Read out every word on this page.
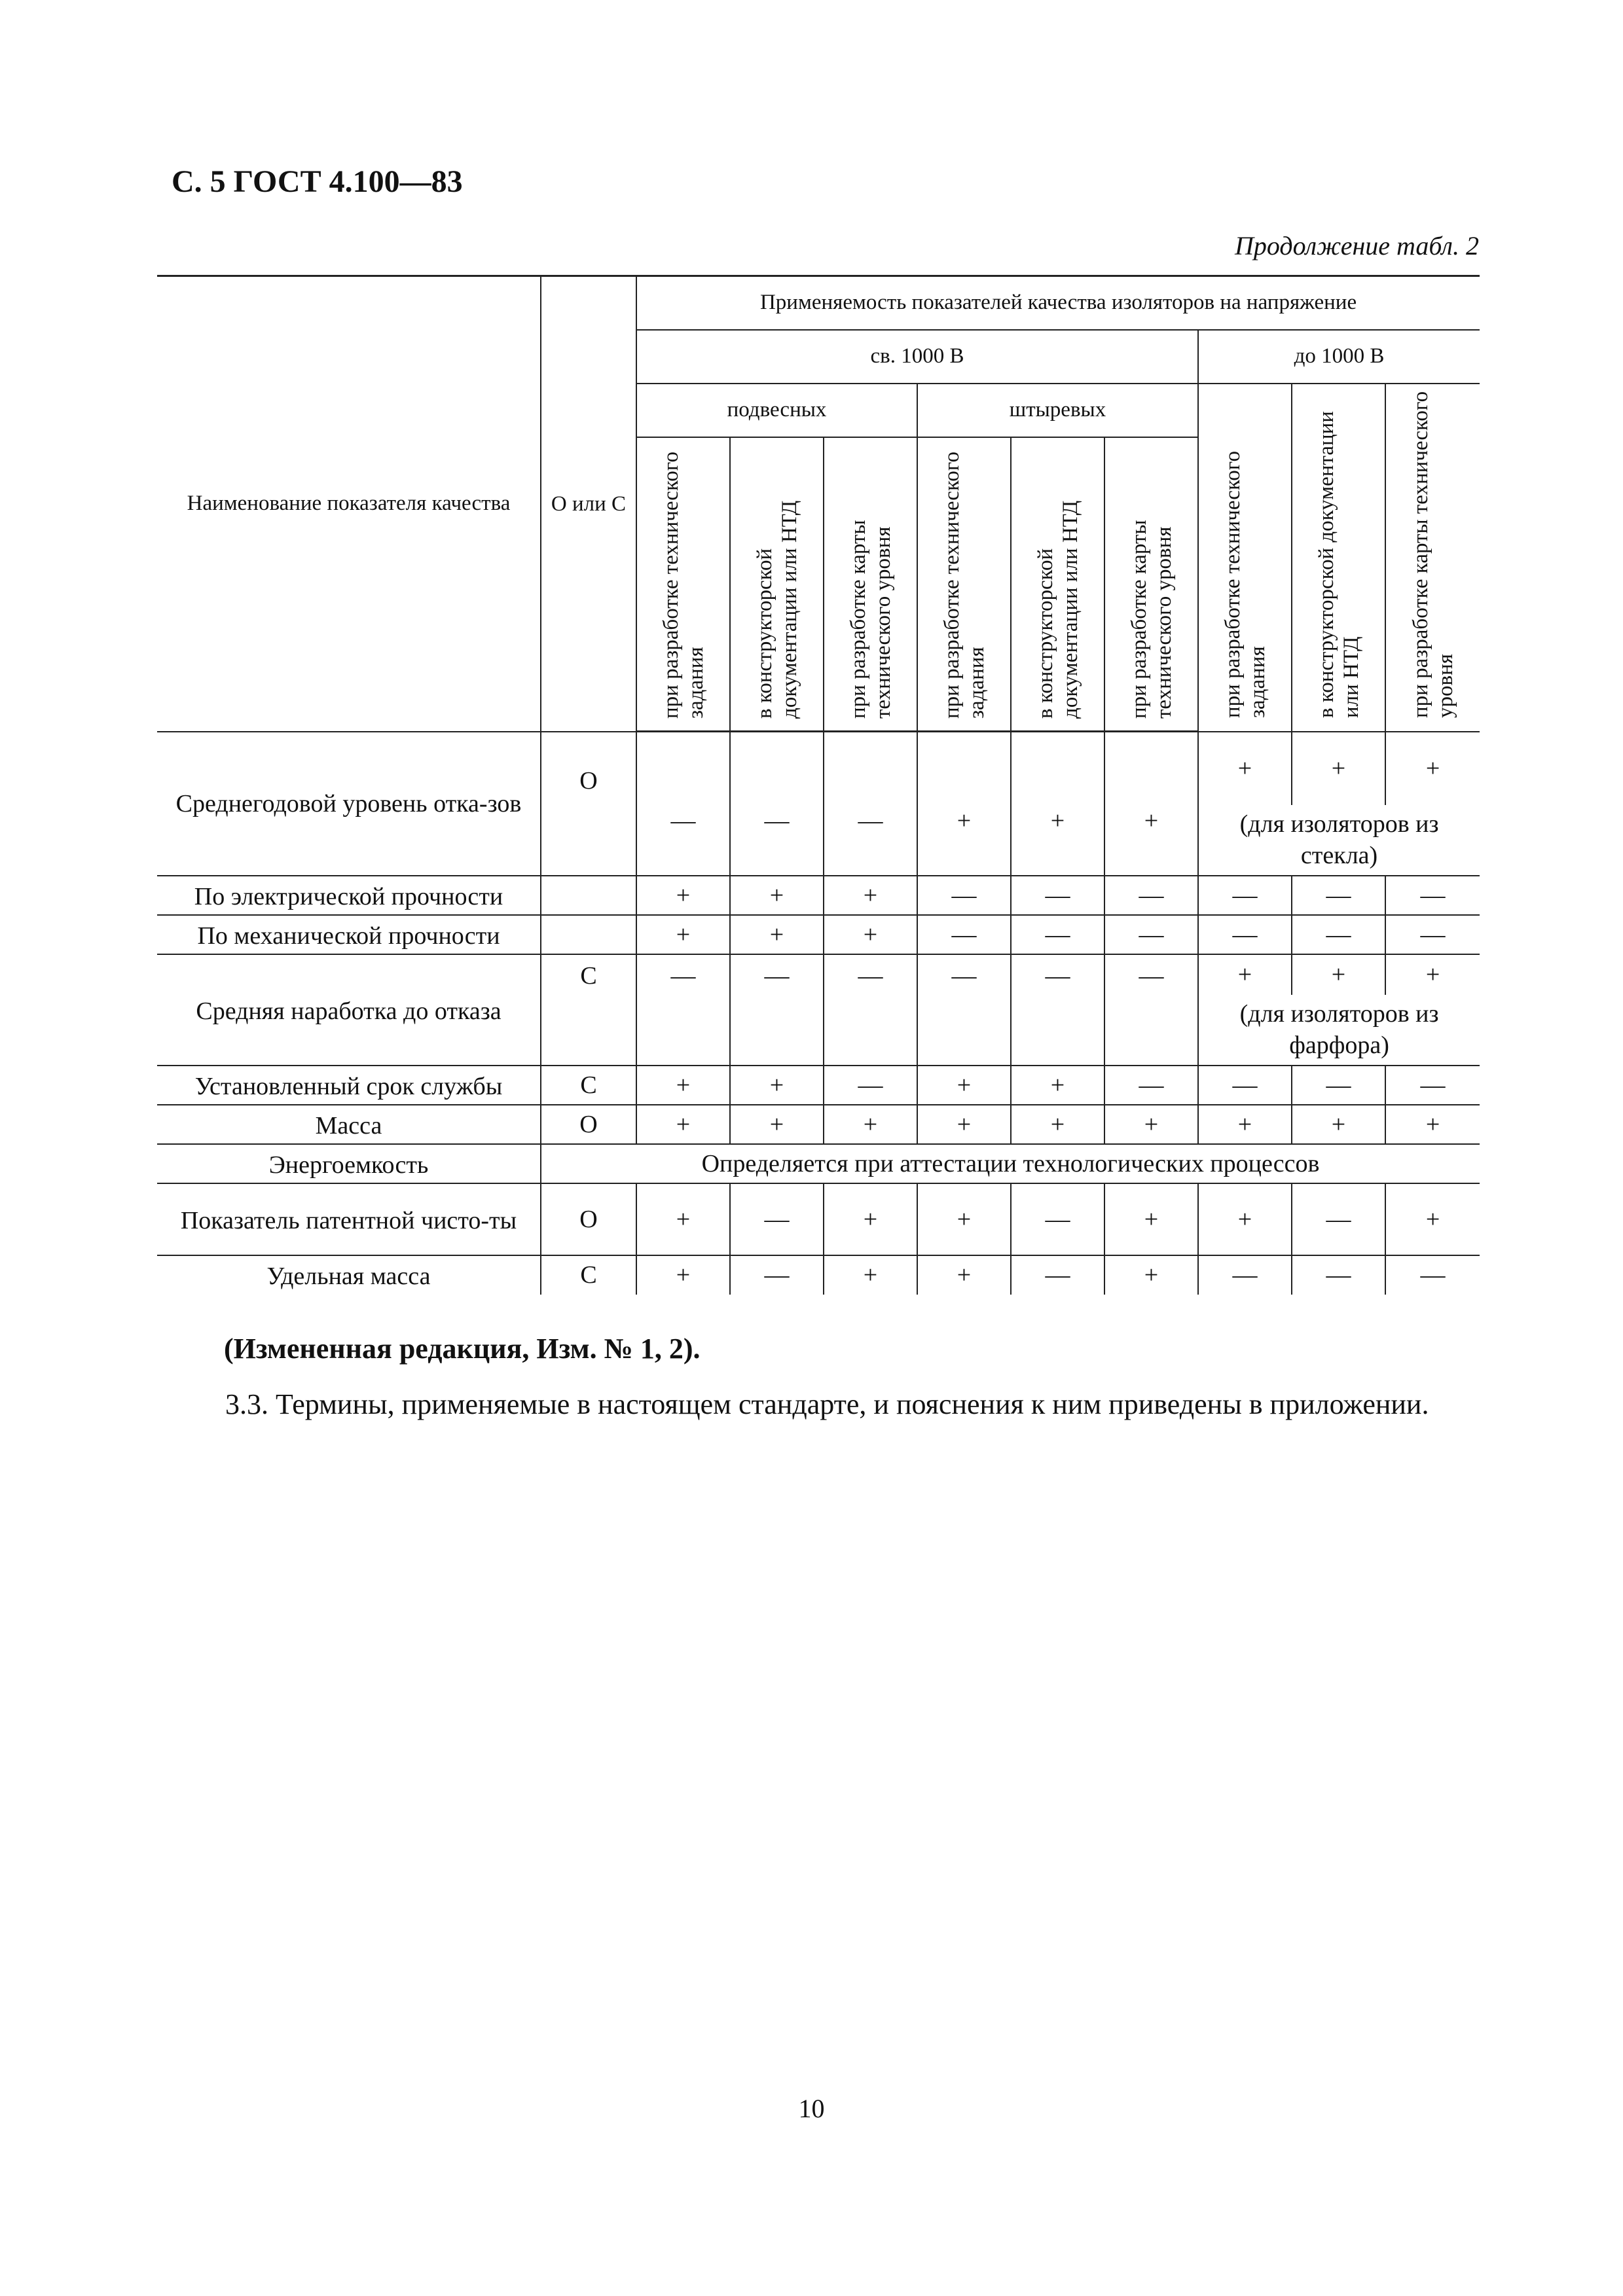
С. 5 ГОСТ 4.100—83
Продолжение табл. 2
Наименование показателя качества	О или С	Применяемость показателей качества изоляторов на напряжение								
		св. 1000 В						до 1000 В		
		подвесных			штыревых			при разработке технического задания	в конструкторской документации или НТД	при разработке карты технического уровня
		при разработке технического задания	в конструкторской документации или НТД	при разработке карты технического уровня	при разработке технического задания	в конструкторской документации или НТД	при разработке карты технического уровня			
Среднегодовой уровень отка-зов	О	—	—	—	+	+	+	+	+	+
								(для изоляторов из стекла)		
По электрической прочности		+	+	+	—	—	—	—	—	—
По механической прочности		+	+	+	—	—	—	—	—	—
Средняя наработка до отказа	С	—	—	—	—	—	—	+	+	+
								(для изоляторов из фарфора)		
Установленный срок службы	С	+	+	—	+	+	—	—	—	—
Масса	О	+	+	+	+	+	+	+	+	+
Энергоемкость	Определяется при аттестации технологических процессов									
Показатель патентной чисто-ты	О	+	—	+	+	—	+	+	—	+
Удельная масса	С	+	—	+	+	—	+	—	—	—
(Измененная редакция, Изм. № 1, 2).
3.3. Термины, применяемые в настоящем стандарте, и пояснения к ним приведены в приложении.
10
